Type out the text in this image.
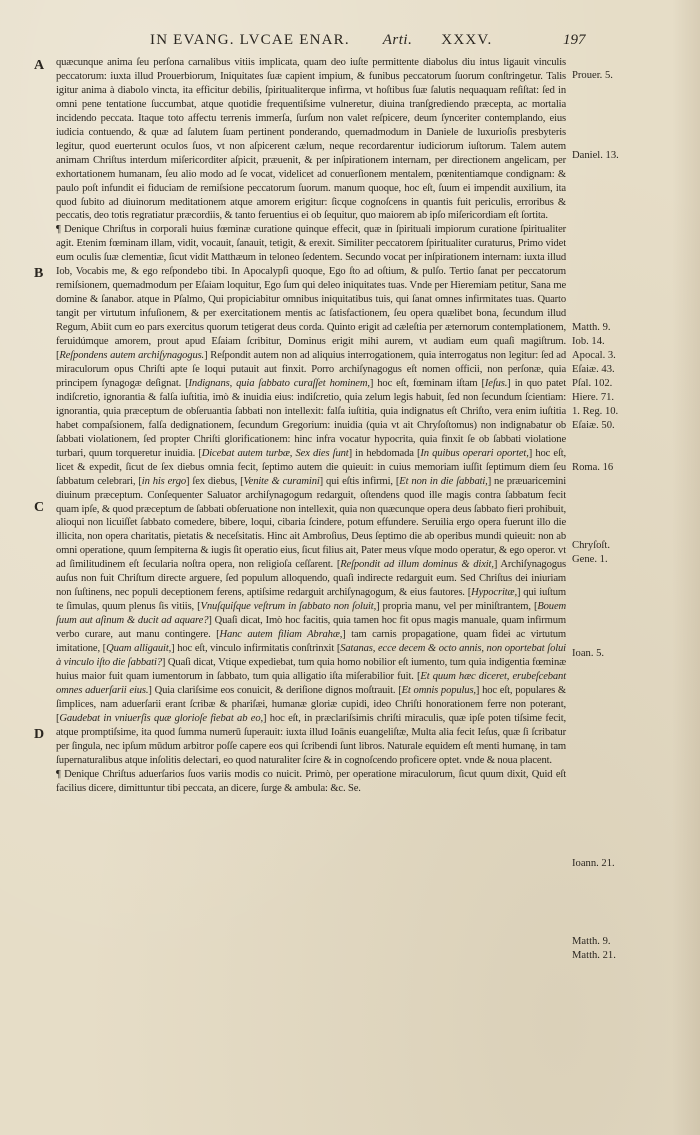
IN EVANG. LVCAE ENAR. Arti. XXXV.	197
A
B
C
D

quæcunque anima ſeu perſona carnalibus vitiis implicata, quam deo iuſte permittente diabolus diu intus ligauit vinculis peccatorum: iuxta illud Prouerbiorum, Iniquitates ſuæ capient impium, & funibus peccatorum ſuorum conſtringetur. Talis igitur anima à diabolo vincta, ita efficitur debilis, ſpiritualiterque infirma, vt hoſtibus ſuæ ſalutis nequaquam reſiſtat: ſed in omni pene tentatione ſuccumbat, atque quotidie frequentiſsime vulneretur, diuina tranſgrediendo præcepta, ac mortalia incidendo peccata. Itaque toto affectu terrenis immerſa, ſurſum non valet reſpicere, deum ſynceriter contemplando, eius iudicia contuendo, & quæ ad ſalutem ſuam pertinent ponderando, quemadmodum in Daniele de luxurioſis presbyteris legitur, quod euerterunt oculos ſuos, vt non aſpicerent cælum, neque recordarentur iudiciorum iuſtorum. Talem autem animam Chriſtus interdum miſericorditer aſpicit, præuenit, & per inſpirationem internam, per directionem angelicam, per exhortationem humanam, ſeu alio modo ad ſe vocat, videlicet ad conuerſionem mentalem, pœnitentiamque condignam: & paulo poſt infundit ei fiduciam de remiſsione peccatorum ſuorum. manum quoque, hoc eſt, ſuum ei impendit auxilium, ita quod ſubito ad diuinorum meditationem atque amorem erigitur: ſicque cognoſcens in quantis fuit periculis, erroribus & peccatis, deo totis regratiatur præcordiis, & tanto feruentius ei ob ſequitur, quo maiorem ab ipſo miſericordiam eſt ſortita.

¶ Denique Chriſtus in corporali huius fœminæ curatione quinque effecit, quæ in ſpirituali impiorum curatione ſpiritualiter agit. Etenim fœminam illam, vidit, vocauit, ſanauit, tetigit, & erexit. Similiter peccatorem ſpiritualiter curaturus, Primo videt eum oculis ſuæ clementiæ, ſicut vidit Matthæum in teloneo ſedentem. Secundo vocat per inſpirationem internam: iuxta illud Iob, Vocabis me, & ego reſpondebo tibi. In Apocalypſi quoque, Ego ſto ad oſtium, & pulſo. Tertio ſanat per peccatorum remiſsionem, quemadmodum per Eſaiam loquitur, Ego ſum qui deleo iniquitates tuas. Vnde per Hieremiam petitur, Sana me domine & ſanabor. atque in Pſalmo, Qui propiciabitur omnibus iniquitatibus tuis, qui ſanat omnes infirmitates tuas. Quarto tangit per virtutum infuſionem, & per exercitationem mentis ac ſatisfactionem, ſeu opera quælibet bona, ſecundum illud Regum, Abiit cum eo pars exercitus quorum tetigerat deus corda. Quinto erigit ad cæleſtia per æternorum contemplationem, feruidúmque amorem, prout apud Eſaiam ſcribitur, Dominus erigit mihi aurem, vt audiam eum quaſi magiſtrum. [Reſpondens autem archiſynagogus.] Reſpondit autem non ad aliquius interrogationem, quia interrogatus non legitur: ſed ad miraculorum opus Chriſti apte ſe loqui putauit aut finxit. Porro archiſynagogus eſt nomen officii, non perſonæ, quia principem ſynagogæ deſignat. [Indignans, quia ſabbato curaſſet hominem,] hoc eſt, fœminam iſtam [Ieſus.] in quo patet indiſcretio, ignorantia & falſa iuſtitia, imò & inuidia eius: indiſcretio, quia zelum legis habuit, ſed non ſecundum ſcientiam: ignorantia, quia præceptum de obſeruantia ſabbati non intellexit: falſa iuſtitia, quia indignatus eſt Chriſto, vera enim iuſtitia habet compaſsionem, falſa dedignationem, ſecundum Gregorium: inuidia (quia vt ait Chryſoſtomus) non indignabatur ob ſabbati violationem, ſed propter Chriſti glorificationem: hinc infra vocatur hypocrita, quia finxit ſe ob ſabbati violatione turbari, quum torqueretur inuidia. [Dicebat autem turbæ, Sex dies ſunt] in hebdomada [In quibus operari oportet,] hoc eſt, licet & expedit, ſicut de ſex diebus omnia fecit, ſeptimo autem die quieuit: in cuius memoriam iuſſit ſeptimum diem ſeu ſabbatum celebrari, [in his ergo] ſex diebus, [Venite & curamini] qui eſtis infirmi, [Et non in die ſabbati,] ne præuaricemini diuinum præceptum. Conſequenter Saluator archiſynagogum redarguit, oſtendens quod ille magis contra ſabbatum fecit quam ipſe, & quod præceptum de ſabbati obſeruatione non intellexit, quia non quæcunque opera deus ſabbato fieri prohibuit, alioqui non licuiſſet ſabbato comedere, bibere, loqui, cibaria ſcindere, potum effundere. Seruilia ergo opera fuerunt illo die illicita, non opera charitatis, pietatis & neceſsitatis. Hinc ait Ambroſius, Deus ſeptimo die ab operibus mundi quieuit: non ab omni operatione, quum ſempiterna & iugis ſit operatio eius, ſicut filius ait, Pater meus vſque modo operatur, & ego operor. vt ad ſimilitudinem eſt ſecularia noſtra opera, non religioſa ceſſarent. [Reſpondit ad illum dominus & dixit,] Archiſynagogus auſus non fuit Chriſtum directe arguere, ſed populum alloquendo, quaſi indirecte redarguit eum. Sed Chriſtus dei iniuriam non ſuſtinens, nec populi deceptionem ferens, aptiſsime redarguit archiſynagogum, & eius fautores. [Hypocritæ,] qui iuſtum te ſimulas, quum plenus ſis vitiis, [Vnuſquiſque veſtrum in ſabbato non ſoluit,] propria manu, vel per miniſtrantem, [Bouem ſuum aut aſinum & ducit ad aquare?] Quaſi dicat, Imò hoc facitis, quia tamen hoc fit opus magis manuale, quam infirmum verbo curare, aut manu contingere. [Hanc autem filiam Abrahæ,] tam carnis propagatione, quam fidei ac virtutum imitatione, [Quam alligauit,] hoc eſt, vinculo infirmitatis conſtrinxit [Satanas, ecce decem & octo annis, non oportebat ſolui à vinculo iſto die ſabbati?] Quaſi dicat, Vtique expediebat, tum quia homo nobilior eſt iumento, tum quia indigentia fœminæ huius maior fuit quam iumentorum in ſabbato, tum quia alligatio iſta miſerabilior fuit. [Et quum hæc diceret, erubeſcebant omnes aduerſarii eius.] Quia clariſsime eos conuicit, & deriſione dignos moſtrauit. [Et omnis populus,] hoc eſt, populares & ſimplices, nam aduerſarii erant ſcribæ & phariſæi, humanæ gloriæ cupidi, ideo Chriſti honorationem ferre non poterant, [Gaudebat in vniuerſis quæ glorioſe fiebat ab eo,] hoc eſt, in præclariſsimis chriſti miraculis, quæ ipſe poten tiſsime fecit, atque promptiſsime, ita quod ſumma numerū ſuperauit: iuxta illud Ioānis euangeliſtæ, Multa alia fecit Ieſus, quæ ſi ſcribatur per ſingula, nec ipſum mūdum arbitror poſſe capere eos qui ſcribendi ſunt libros. Naturale equidem eſt menti humanę, in tam ſupernaturalibus atque inſolitis delectari, eo quod naturaliter ſcire & in cognoſcendo proficere optet. vnde & noua placent.

¶ Denique Chriſtus aduerſarios ſuos variis modis co nuicit. Primò, per operatione miraculorum, ſicut quum dixit, Quid eſt facilius dicere, dimittuntur tibi peccata, an dicere, ſurge & ambula: &c. Se.

Prouer. 5.
Daniel. 13.
Matth. 9.
Iob. 14.
Apocal. 3.
Eſaiæ. 43.
Pſal. 102.
Hiere. 71.
1. Reg. 10.
Eſaiæ. 50.
Roma. 16
Chryſoſt.
Gene. 1.
Ioan. 5.
Ioann. 21.
Matth. 9.
Matth. 21.
